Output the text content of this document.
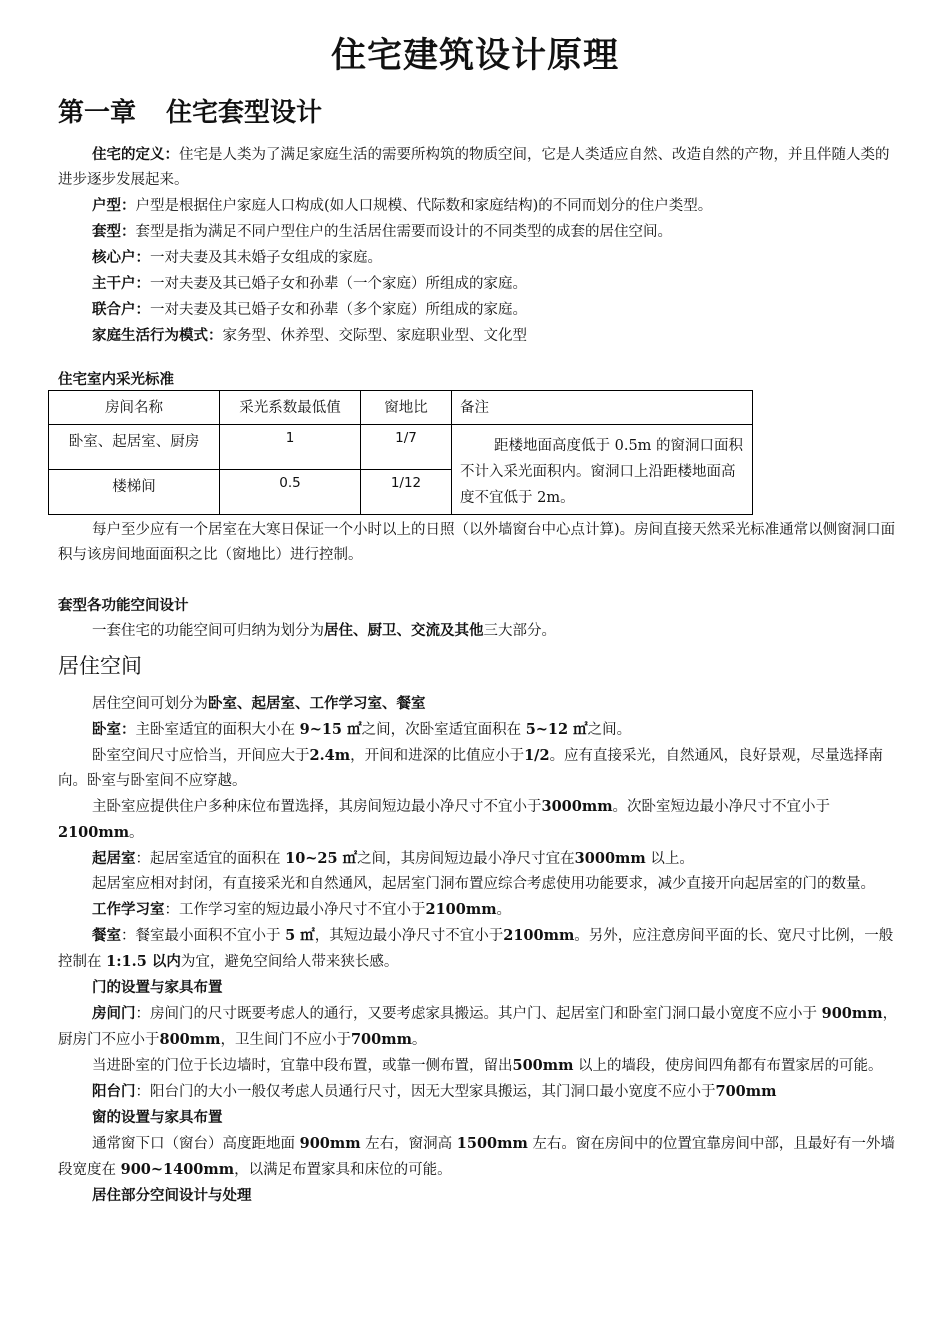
住宅建筑设计原理
第一章 住宅套型设计

住宅的定义：住宅是人类为了满足家庭生活的需要所构筑的物质空间，它是人类适应自然、改造自然的产物，并且伴随人类的进步逐步发展起来。

户型：户型是根据住户家庭人口构成(如人口规模、代际数和家庭结构)的不同而划分的住户类型。

套型：套型是指为满足不同户型住户的生活居住需要而设计的不同类型的成套的居住空间。

核心户：一对夫妻及其未婚子女组成的家庭。

主干户：一对夫妻及其已婚子女和孙辈（一个家庭）所组成的家庭。

联合户：一对夫妻及其已婚子女和孙辈（多个家庭）所组成的家庭。

家庭生活行为模式：家务型、休养型、交际型、家庭职业型、文化型

住宅室内采光标准
房间名称	采光系数最低值	窗地比	备注
卧室、起居室、厨房	1	1/7	距楼地面高度低于 0.5m 的窗洞口面积不计入采光面积内。窗洞口上沿距楼地面高度不宜低于 2m。

楼梯间	0.5	1/12	

每户至少应有一个居室在大寒日保证一个小时以上的日照（以外墙窗台中心点计算)。房间直接天然采光标准通常以侧窗洞口面积与该房间地面面积之比（窗地比）进行控制。

套型各功能空间设计

一套住宅的功能空间可归纳为划分为居住、厨卫、交流及其他三大部分。

居住空间

居住空间可划分为卧室、起居室、工作学习室、餐室

卧室：主卧室适宜的面积大小在 9~15 ㎡之间，次卧室适宜面积在 5~12 ㎡之间。

卧室空间尺寸应恰当，开间应大于2.4m，开间和进深的比值应小于1/2。应有直接采光，自然通风，良好景观，尽量选择南向。卧室与卧室间不应穿越。

主卧室应提供住户多种床位布置选择，其房间短边最小净尺寸不宜小于3000mm。次卧室短边最小净尺寸不宜小于 2100mm。

起居室：起居室适宜的面积在 10~25 ㎡之间，其房间短边最小净尺寸宜在3000mm 以上。

起居室应相对封闭，有直接采光和自然通风，起居室门洞布置应综合考虑使用功能要求，减少直接开向起居室的门的数量。

工作学习室：工作学习室的短边最小净尺寸不宜小于2100mm。

餐室：餐室最小面积不宜小于 5 ㎡，其短边最小净尺寸不宜小于2100mm。另外，应注意房间平面的长、宽尺寸比例，一般控制在 1:1.5 以内为宜，避免空间给人带来狭长感。

门的设置与家具布置

房间门：房间门的尺寸既要考虑人的通行，又要考虑家具搬运。其户门、起居室门和卧室门洞口最小宽度不应小于 900mm，厨房门不应小于800mm，卫生间门不应小于700mm。

当进卧室的门位于长边墙时，宜靠中段布置，或靠一侧布置，留出500mm 以上的墙段，使房间四角都有布置家居的可能。

阳台门：阳台门的大小一般仅考虑人员通行尺寸，因无大型家具搬运，其门洞口最小宽度不应小于700mm

窗的设置与家具布置

通常窗下口（窗台）高度距地面 900mm 左右，窗洞高 1500mm 左右。窗在房间中的位置宜靠房间中部，且最好有一外墙段宽度在 900~1400mm，以满足布置家具和床位的可能。

居住部分空间设计与处理
